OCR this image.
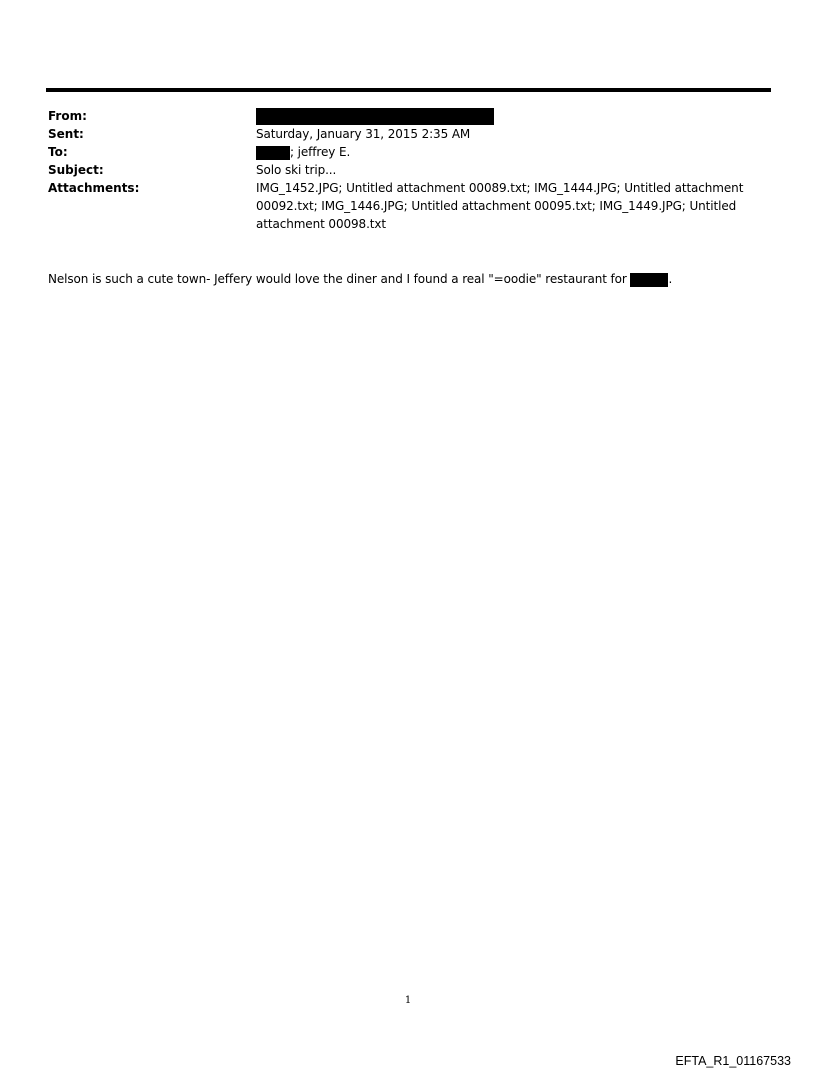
From:
Sent:	Saturday, January 31, 2015 2:35 AM
To:	; jeffrey E.
Subject:	Solo ski trip...
Attachments:	IMG_1452.JPG; Untitled attachment 00089.txt; IMG_1444.JPG; Untitled attachment 00092.txt; IMG_1446.JPG; Untitled attachment 00095.txt; IMG_1449.JPG; Untitled attachment 00098.txt
Nelson is such a cute town- Jeffery would love the diner and I found a real "=oodie" restaurant for	.
1
EFTA_R1_01167533
